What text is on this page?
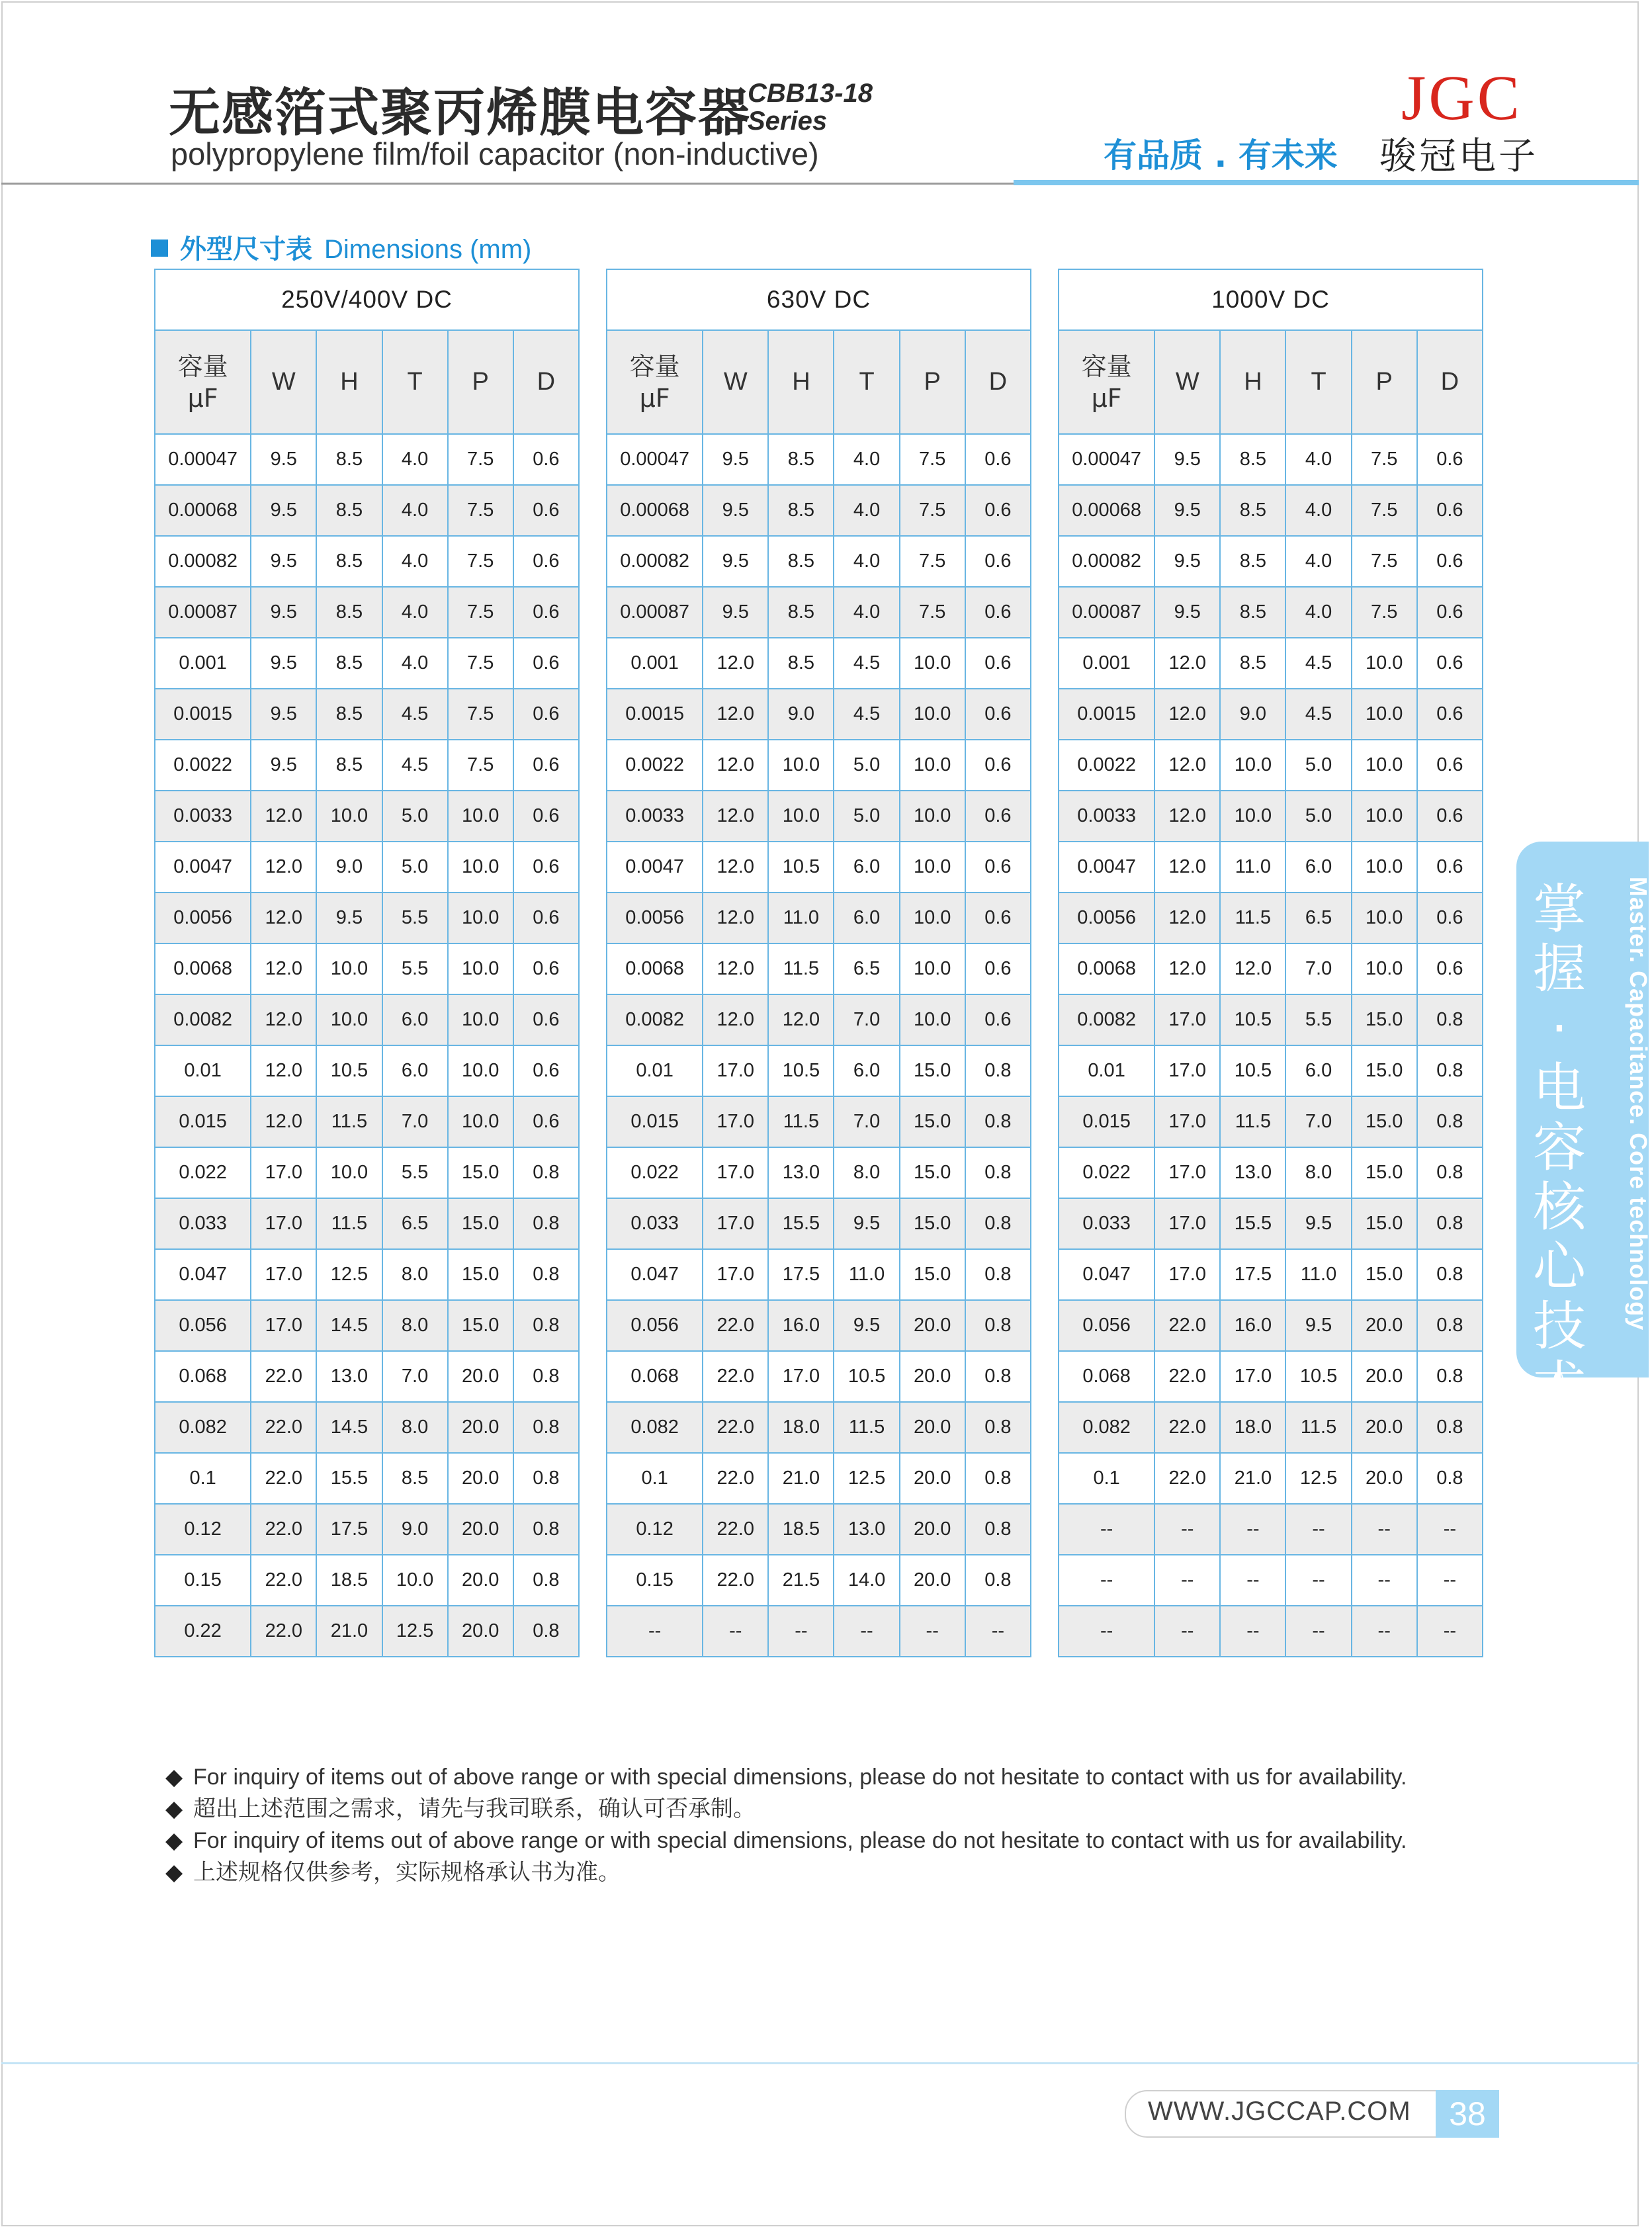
无感箔式聚丙烯膜电容器
CBB13-18
Series
polypropylene film/foil capacitor (non-inductive)
JGC
有品质 . 有未来 骏冠电子
外型尺寸表 Dimensions (mm)
250V/400V DC					
容量
μF	W	H	T	P	D
0.00047	9.5	8.5	4.0	7.5	0.6
0.00068	9.5	8.5	4.0	7.5	0.6
0.00082	9.5	8.5	4.0	7.5	0.6
0.00087	9.5	8.5	4.0	7.5	0.6
0.001	9.5	8.5	4.0	7.5	0.6
0.0015	9.5	8.5	4.5	7.5	0.6
0.0022	9.5	8.5	4.5	7.5	0.6
0.0033	12.0	10.0	5.0	10.0	0.6
0.0047	12.0	9.0	5.0	10.0	0.6
0.0056	12.0	9.5	5.5	10.0	0.6
0.0068	12.0	10.0	5.5	10.0	0.6
0.0082	12.0	10.0	6.0	10.0	0.6
0.01	12.0	10.5	6.0	10.0	0.6
0.015	12.0	11.5	7.0	10.0	0.6
0.022	17.0	10.0	5.5	15.0	0.8
0.033	17.0	11.5	6.5	15.0	0.8
0.047	17.0	12.5	8.0	15.0	0.8
0.056	17.0	14.5	8.0	15.0	0.8
0.068	22.0	13.0	7.0	20.0	0.8
0.082	22.0	14.5	8.0	20.0	0.8
0.1	22.0	15.5	8.5	20.0	0.8
0.12	22.0	17.5	9.0	20.0	0.8
0.15	22.0	18.5	10.0	20.0	0.8
0.22	22.0	21.0	12.5	20.0	0.8
630V DC					
容量
μF	W	H	T	P	D
0.00047	9.5	8.5	4.0	7.5	0.6
0.00068	9.5	8.5	4.0	7.5	0.6
0.00082	9.5	8.5	4.0	7.5	0.6
0.00087	9.5	8.5	4.0	7.5	0.6
0.001	12.0	8.5	4.5	10.0	0.6
0.0015	12.0	9.0	4.5	10.0	0.6
0.0022	12.0	10.0	5.0	10.0	0.6
0.0033	12.0	10.0	5.0	10.0	0.6
0.0047	12.0	10.5	6.0	10.0	0.6
0.0056	12.0	11.0	6.0	10.0	0.6
0.0068	12.0	11.5	6.5	10.0	0.6
0.0082	12.0	12.0	7.0	10.0	0.6
0.01	17.0	10.5	6.0	15.0	0.8
0.015	17.0	11.5	7.0	15.0	0.8
0.022	17.0	13.0	8.0	15.0	0.8
0.033	17.0	15.5	9.5	15.0	0.8
0.047	17.0	17.5	11.0	15.0	0.8
0.056	22.0	16.0	9.5	20.0	0.8
0.068	22.0	17.0	10.5	20.0	0.8
0.082	22.0	18.0	11.5	20.0	0.8
0.1	22.0	21.0	12.5	20.0	0.8
0.12	22.0	18.5	13.0	20.0	0.8
0.15	22.0	21.5	14.0	20.0	0.8
--	--	--	--	--	--
1000V DC					
容量
μF	W	H	T	P	D
0.00047	9.5	8.5	4.0	7.5	0.6
0.00068	9.5	8.5	4.0	7.5	0.6
0.00082	9.5	8.5	4.0	7.5	0.6
0.00087	9.5	8.5	4.0	7.5	0.6
0.001	12.0	8.5	4.5	10.0	0.6
0.0015	12.0	9.0	4.5	10.0	0.6
0.0022	12.0	10.0	5.0	10.0	0.6
0.0033	12.0	10.0	5.0	10.0	0.6
0.0047	12.0	11.0	6.0	10.0	0.6
0.0056	12.0	11.5	6.5	10.0	0.6
0.0068	12.0	12.0	7.0	10.0	0.6
0.0082	17.0	10.5	5.5	15.0	0.8
0.01	17.0	10.5	6.0	15.0	0.8
0.015	17.0	11.5	7.0	15.0	0.8
0.022	17.0	13.0	8.0	15.0	0.8
0.033	17.0	15.5	9.5	15.0	0.8
0.047	17.0	17.5	11.0	15.0	0.8
0.056	22.0	16.0	9.5	20.0	0.8
0.068	22.0	17.0	10.5	20.0	0.8
0.082	22.0	18.0	11.5	20.0	0.8
0.1	22.0	21.0	12.5	20.0	0.8
--	--	--	--	--	--
--	--	--	--	--	--
--	--	--	--	--	--
掌握·电容核心技术
Master. Capacitance. Core technology
◆ For inquiry of items out of above range or with special dimensions, please do not hesitate to contact with us for availability.
◆ 超出上述范围之需求，请先与我司联系，确认可否承制。
◆ For inquiry of items out of above range or with special dimensions, please do not hesitate to contact with us for availability.
◆ 上述规格仅供参考，实际规格承认书为准。
WWW.JGCCAP.COM	38
